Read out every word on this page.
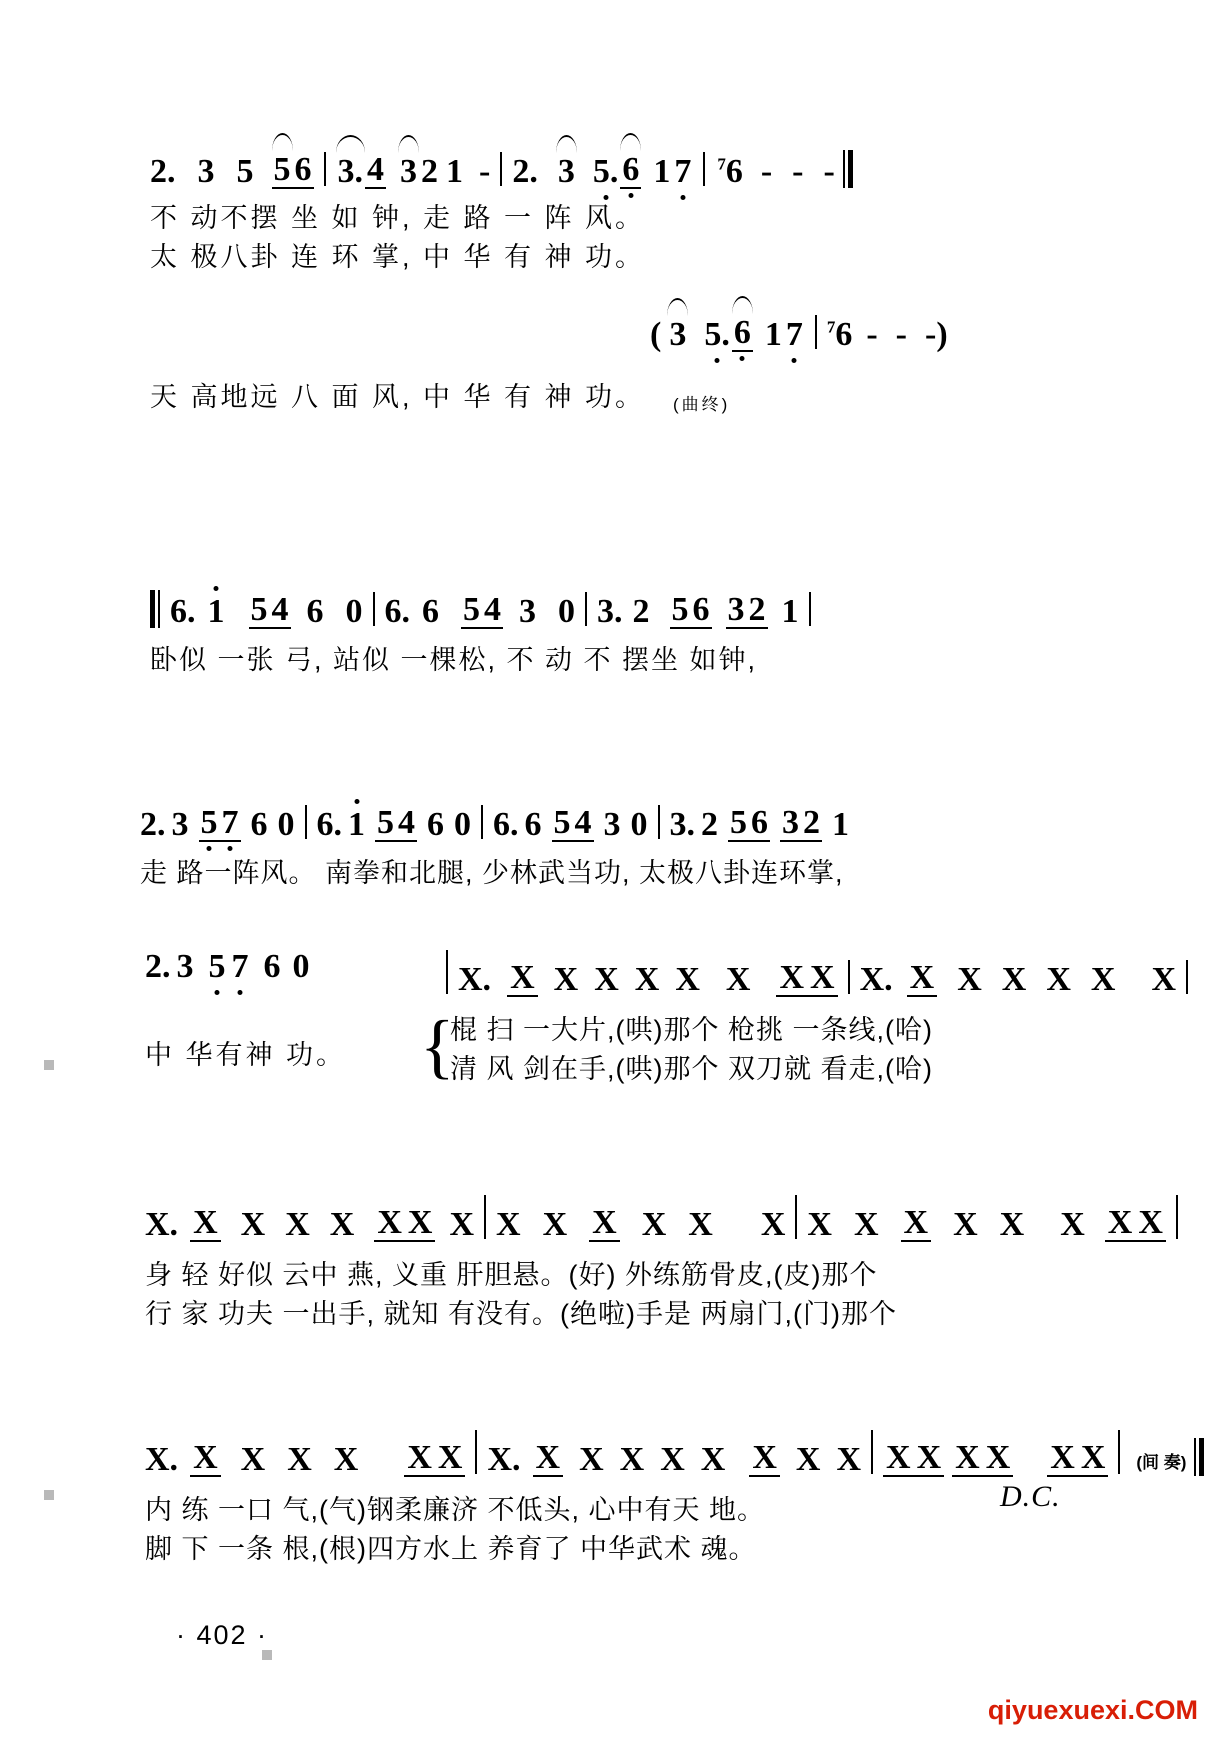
2. 3 5 5 6 3. 4 3 2 1 - 2. 3 5. 6 1 7 $^7$6 - - -
不 动不摆 坐 如 钟, 走 路 一 阵 风。
太 极八卦 连 环 掌, 中 华 有 神 功。
( 3 5. 6 1 7 $^7$6 - - - )
天 高地远 八 面 风, 中 华 有 神 功。 (曲终)
6. 1 5 4 6 0 6. 6 5 4 3 0 3. 2 5 6 3 2 1
卧似 一张 弓, 站似 一棵松, 不 动 不 摆坐 如钟,
2. 3 5 7 6 0 6. 1 5 4 6 0 6. 6 5 4 3 0 3. 2 5 6 3 2 1
走 路一阵风。 南拳和北腿, 少林武当功, 太极八卦连环掌,
2. 3 5 7 6 0
中 华有神 功。
X. X X X X X X X X X. X X X X X X
棍 扫 一大片,(哄)那个 枪挑 一条线,(哈)
清 风 剑在手,(哄)那个 双刀就 看走,(哈)
{
X. X X X X X X X X X X X X X X X X X X X X X
身 轻 好似 云中 燕, 义重 肝胆悬。(好) 外练筋骨皮,(皮)那个
行 家 功夫 一出手, 就知 有没有。(绝啦)手是 两扇门,(门)那个
X. X X X X X X X. X X X X X X X X X X X X X X (间 奏)
内 练 一口 气,(气)钢柔廉济 不低头, 心中有天 地。
脚 下 一条 根,(根)四方水上 养育了 中华武术 魂。
D.C.
· 402 ·
qiyuexuexi.COM
